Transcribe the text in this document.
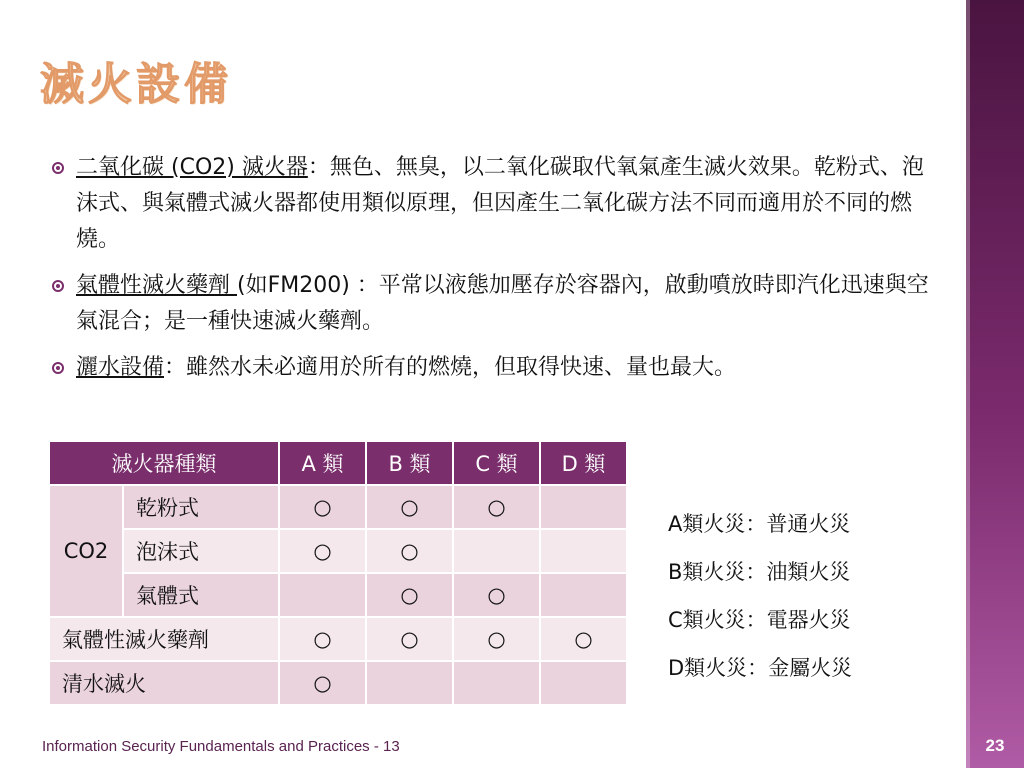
23
滅火設備
二氧化碳 (CO2) 滅火器：無色、無臭，以二氧化碳取代氧氣產生滅火效果。乾粉式、泡沫式、與氣體式滅火器都使用類似原理，但因產生二氧化碳方法不同而適用於不同的燃燒。
氣體性滅火藥劑 (如FM200) ：平常以液態加壓存於容器內，啟動噴放時即汽化迅速與空氣混合；是一種快速滅火藥劑。
灑水設備：雖然水未必適用於所有的燃燒，但取得快速、量也最大。
滅火器種類		A 類	B 類	C 類	D 類
CO2	乾粉式	○	○	○	
	泡沫式	○	○		
	氣體式		○	○	
氣體性滅火藥劑		○	○	○	○
清水滅火		○			
A類火災：普通火災
B類火災：油類火災
C類火災：電器火災
D類火災：金屬火災
Information Security Fundamentals and Practices - 13
